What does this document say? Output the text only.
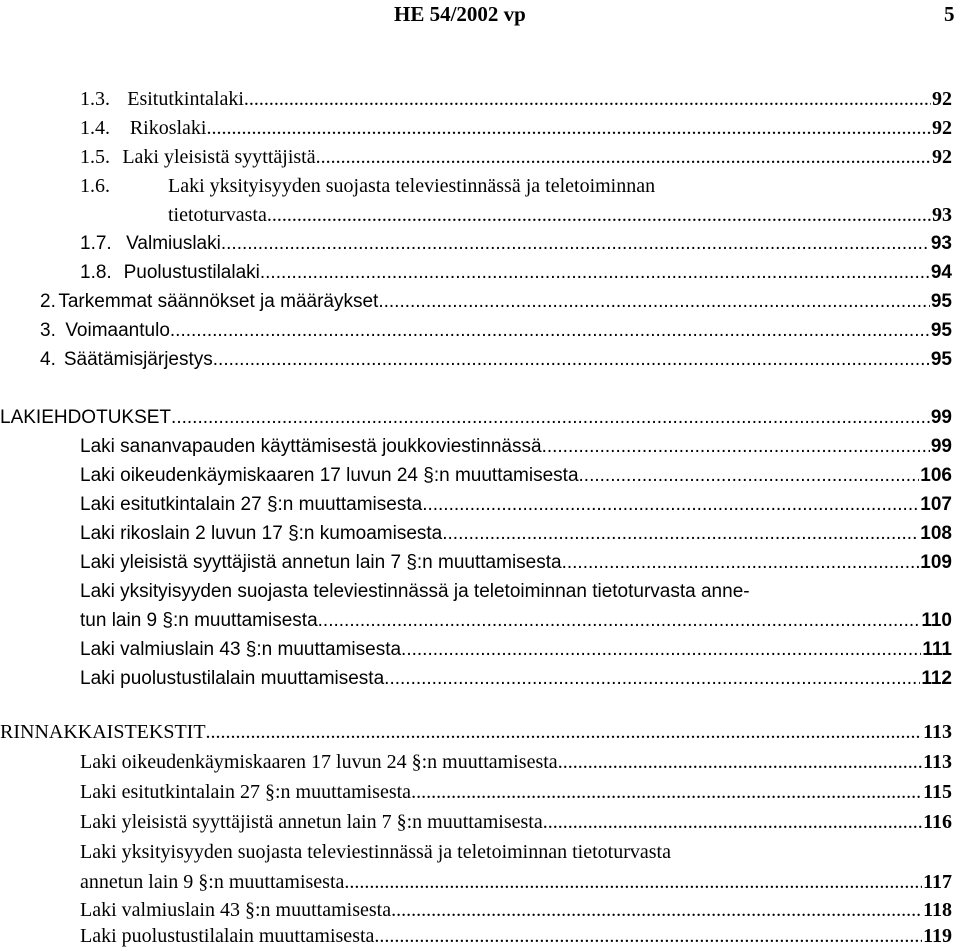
HE 54/2002 vp	5
1.3. Esitutkintalaki .....	92
1.4. Rikoslaki .....	92
1.5. Laki yleisistä syyttäjistä .....	92
1.6.	Laki yksityisyyden suojasta televiestinnässä ja teletoiminnan
tietoturvasta .....	93
1.7. Valmiuslaki .....	93
1.8. Puolustustilalaki .....	94
2. Tarkemmat säännökset ja määräykset .....	95
3. Voimaantulo .....	95
4. Säätämisjärjestys .....	95
LAKIEHDOTUKSET .....	99
Laki sananvapauden käyttämisestä joukkoviestinnässä .....	99
Laki oikeudenkäymiskaaren 17 luvun 24 §:n muuttamisesta .....	106
Laki esitutkintalain 27 §:n muuttamisesta .....	107
Laki rikoslain 2 luvun 17 §:n kumoamisesta .....	108
Laki yleisistä syyttäjistä annetun lain 7 §:n muuttamisesta .....	109
Laki yksityisyyden suojasta televiestinnässä ja teletoiminnan tietoturvasta anne-
tun lain 9 §:n muuttamisesta .....	110
Laki valmiuslain 43 §:n muuttamisesta .....	111
Laki puolustustilalain muuttamisesta .....	112
RINNAKKAISTEKSTIT .....	113
Laki oikeudenkäymiskaaren 17 luvun 24 §:n muuttamisesta .....	113
Laki esitutkintalain 27 §:n muuttamisesta .....	115
Laki yleisistä syyttäjistä annetun lain 7 §:n muuttamisesta .....	116
Laki yksityisyyden suojasta televiestinnässä ja teletoiminnan tietoturvasta
annetun lain 9 §:n muuttamisesta .....	117
Laki valmiuslain 43 §:n muuttamisesta .....	118
Laki puolustustilalain muuttamisesta .....	119
